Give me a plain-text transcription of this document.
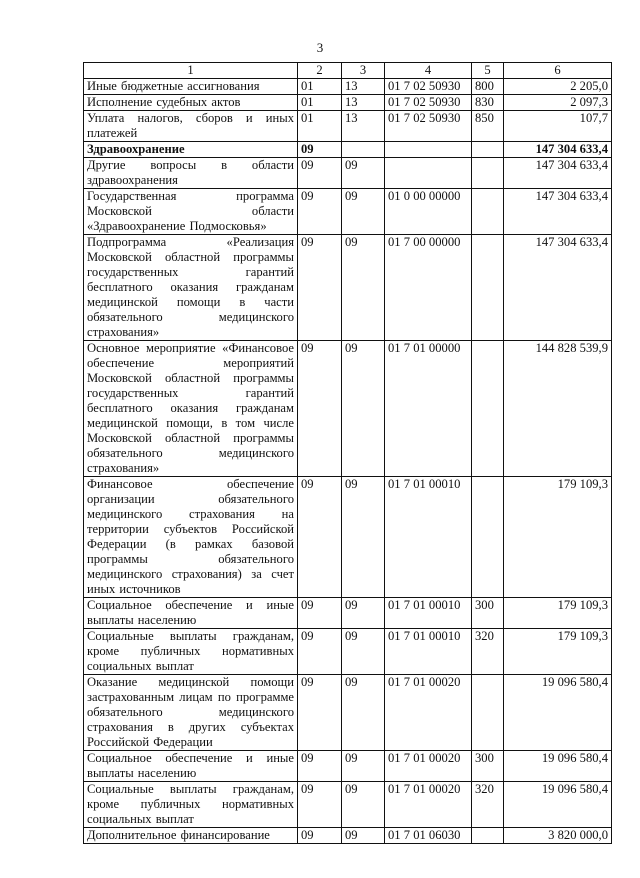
3
1	2	3	4	5	6
Иные бюджетные ассигнования	01	13	01 7 02 50930	800	2 205,0
Исполнение судебных актов	01	13	01 7 02 50930	830	2 097,3
Уплата налогов, сборов и иных платежей	01	13	01 7 02 50930	850	107,7
Здравоохранение	09				147 304 633,4
Другие вопросы в области здравоохранения	09	09			147 304 633,4
Государственная программа Московской области «Здравоохранение Подмосковья»	09	09	01 0 00 00000		147 304 633,4
Подпрограмма «Реализация Московской областной программы государственных гарантий бесплатного оказания гражданам медицинской помощи в части обязательного медицинского страхования»	09	09	01 7 00 00000		147 304 633,4
Основное мероприятие «Финансовое обеспечение мероприятий Московской областной программы государственных гарантий бесплатного оказания гражданам медицинской помощи, в том числе Московской областной программы обязательного медицинского страхования»	09	09	01 7 01 00000		144 828 539,9
Финансовое обеспечение организации обязательного медицинского страхования на территории субъектов Российской Федерации (в рамках базовой программы обязательного медицинского страхования) за счет иных источников	09	09	01 7 01 00010		179 109,3
Социальное обеспечение и иные выплаты населению	09	09	01 7 01 00010	300	179 109,3
Социальные выплаты гражданам, кроме публичных нормативных социальных выплат	09	09	01 7 01 00010	320	179 109,3
Оказание медицинской помощи застрахованным лицам по программе обязательного медицинского страхования в других субъектах Российской Федерации	09	09	01 7 01 00020		19 096 580,4
Социальное обеспечение и иные выплаты населению	09	09	01 7 01 00020	300	19 096 580,4
Социальные выплаты гражданам, кроме публичных нормативных социальных выплат	09	09	01 7 01 00020	320	19 096 580,4
Дополнительное финансирование	09	09	01 7 01 06030		3 820 000,0
